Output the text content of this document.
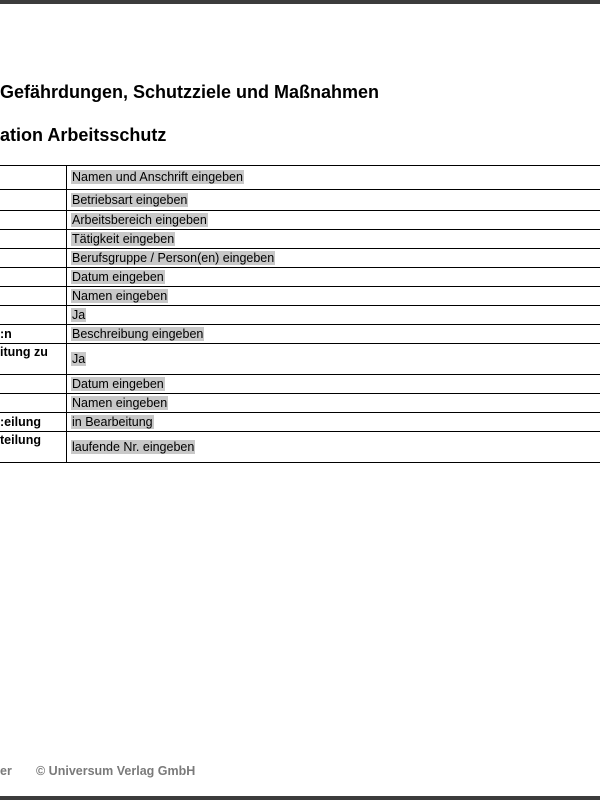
Gefährdungen, Schutzziele und Maßnahmen
ation Arbeitsschutz
	Namen und Anschrift eingeben

	Betriebsart eingeben

	Arbeitsbereich eingeben

	Tätigkeit eingeben

	Berufsgruppe / Person(en) eingeben

	Datum eingeben

	Namen eingeben

	Ja

n:	Beschreibung eingeben

itung zu	Ja

	Datum eingeben

	Namen eingeben

eilung:	in Bearbeitung

teilung	laufende Nr. eingeben
er © Universum Verlag GmbH
